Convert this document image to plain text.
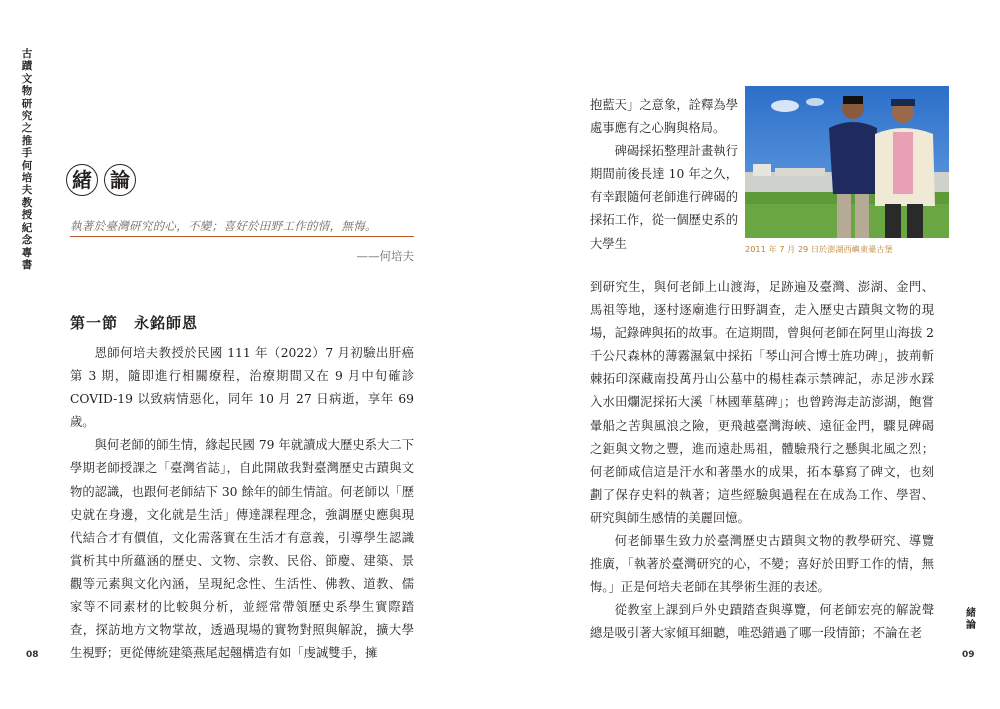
古蹟文物研究之推手 何培夫教授紀念專書
緒 論
執著於臺灣研究的心，不變；喜好於田野工作的情，無悔。
——何培夫
第一節　永銘師恩

恩師何培夫教授於民國 111 年（2022）7 月初驗出肝癌第 3 期，隨即進行相關療程，治療期間又在 9 月中旬確診 COVID-19 以致病情惡化，同年 10 月 27 日病逝，享年 69 歲。

與何老師的師生情，緣起民國 79 年就讀成大歷史系大二下學期老師授課之「臺灣省誌」，自此開啟我對臺灣歷史古蹟與文物的認識，也跟何老師結下 30 餘年的師生情誼。何老師以「歷史就在身邊，文化就是生活」傳達課程理念，強調歷史應與現代結合才有價值，文化需落實在生活才有意義，引導學生認識賞析其中所蘊涵的歷史、文物、宗教、民俗、節慶、建築、景觀等元素與文化內涵，呈現紀念性、生活性、佛教、道教、儒家等不同素材的比較與分析，並經常帶領歷史系學生實際踏查，探訪地方文物掌故，透過現場的實物對照與解說，擴大學生視野；更從傳統建築燕尾起翹構造有如「虔誠雙手，擁

08

抱藍天」之意象，詮釋為學處事應有之心胸與格局。

碑碣採拓整理計畫執行期間前後長達 10 年之久，有幸跟隨何老師進行碑碣的採拓工作，從一個歷史系的大學生	2011 年 7 月 29 日於澎湖西嶼東臺古堡

到研究生，與何老師上山渡海，足跡遍及臺灣、澎湖、金門、馬祖等地，逐村逐廟進行田野調查，走入歷史古蹟與文物的現場，記錄碑與拓的故事。在這期間，曾與何老師在阿里山海拔 2 千公尺森林的薄霧濕氣中採拓「琴山河合博士旌功碑」，披荊斬棘拓印深藏南投萬丹山公墓中的楊桂森示禁碑記，赤足涉水踩入水田爛泥採拓大溪「林國華墓碑」；也曾跨海走訪澎湖，飽嘗暈船之苦與風浪之險，更飛越臺灣海峽、遠征金門，驟見碑碣之鉅與文物之豐，進而遠赴馬祖，體驗飛行之懸與北風之烈；何老師咸信這是汗水和著墨水的成果，拓本摹寫了碑文，也刻劃了保存史料的執著；這些經驗與過程在在成為工作、學習、研究與師生感情的美麗回憶。

何老師畢生致力於臺灣歷史古蹟與文物的教學研究、導覽推廣，「執著於臺灣研究的心，不變；喜好於田野工作的情，無悔。」正是何培夫老師在其學術生涯的表述。

從教室上課到戶外史蹟踏查與導覽，何老師宏亮的解說聲總是吸引著大家傾耳細聽，唯恐錯過了哪一段情節；不論在老

緒論
09
